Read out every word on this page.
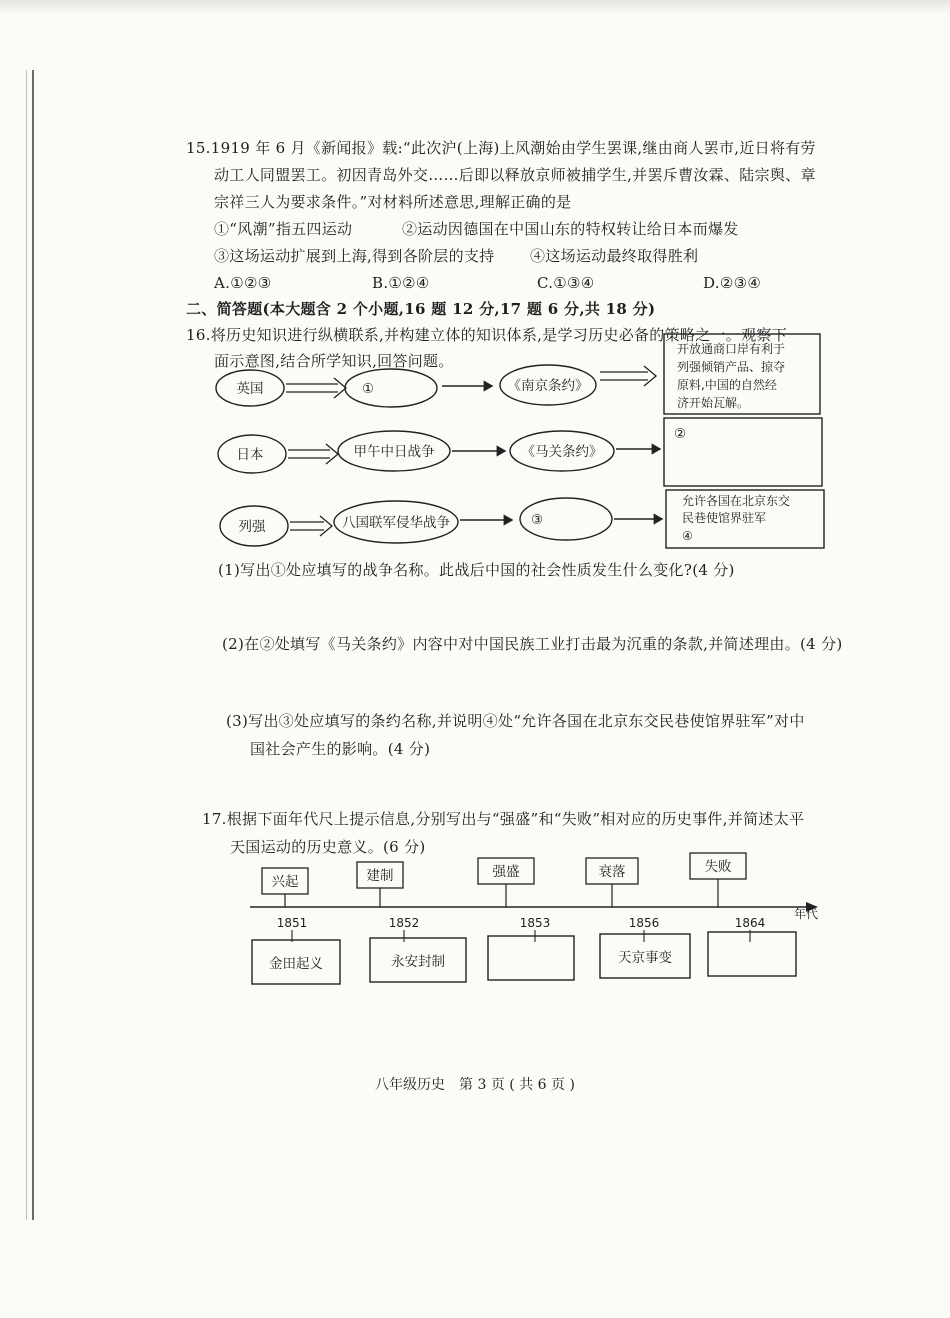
15.1919 年 6 月《新闻报》载:“此次沪(上海)上风潮始由学生罢课,继由商人罢市,近日将有劳
动工人同盟罢工。初因青岛外交……后即以释放京师被捕学生,并罢斥曹汝霖、陆宗舆、章
宗祥三人为要求条件。”对材料所述意思,理解正确的是
①“风潮”指五四运动	②运动因德国在中国山东的特权转让给日本而爆发
③这场运动扩展到上海,得到各阶层的支持 ④这场运动最终取得胜利
A.①②③	B.①②④	C.①③④	D.②③④
二、简答题(本大题含 2 个小题,16 题 12 分,17 题 6 分,共 18 分)
16.将历史知识进行纵横联系,并构建立体的知识体系,是学习历史必备的策略之一。观察下
面示意图,结合所学知识,回答问题。
英国	①	《南京条约》
开放通商口岸有利于
列强倾销产品、掠夺
原料,中国的自然经
济开始瓦解。
日本	甲午中日战争	《马关条约》
②
列强	八国联军侵华战争	③
允许各国在北京东交
民巷使馆界驻军
④
年代
兴起
1851
金田起义
建制
1852
永安封制
强盛
1853
衰落
1856
天京事变
失败
1864
(1)写出①处应填写的战争名称。此战后中国的社会性质发生什么变化?(4 分)
(2)在②处填写《马关条约》内容中对中国民族工业打击最为沉重的条款,并简述理由。(4 分)
(3)写出③处应填写的条约名称,并说明④处“允许各国在北京东交民巷使馆界驻军”对中
国社会产生的影响。(4 分)
17.根据下面年代尺上提示信息,分别写出与“强盛”和“失败”相对应的历史事件,并简述太平
天国运动的历史意义。(6 分)
八年级历史　第 3 页 ( 共 6 页 )
